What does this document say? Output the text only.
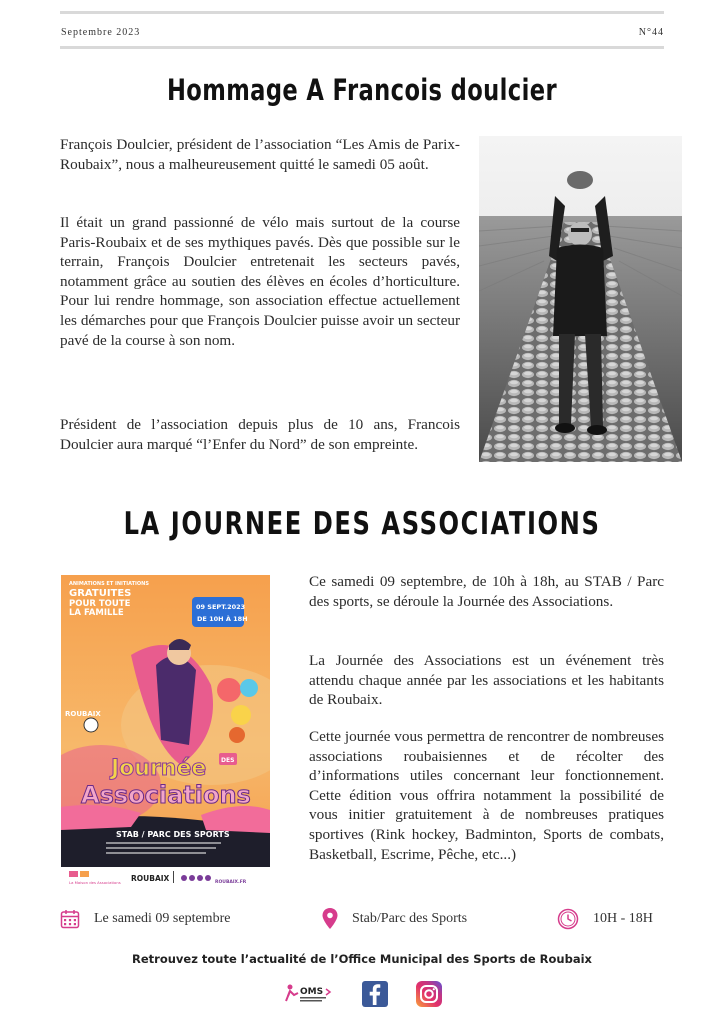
Septembre 2023	N°44
Hommage A Francois doulcier

François Doulcier, président de l’association “Les Amis de Parix-Roubaix”, nous a malheureusement quitté le samedi 05 août.

Il était un grand passionné de vélo mais surtout de la course Paris-Roubaix et de ses mythiques pavés. Dès que possible sur le terrain, François Doulcier entretenait les secteurs pavés, notamment grâce au soutien des élèves en écoles d’horticulture. Pour lui rendre hommage, son association effectue actuellement les démarches pour que François Doulcier puisse avoir un secteur pavé de la course à son nom.

Président de l’association depuis plus de 10 ans, Francois Doulcier aura marqué “l’Enfer du Nord” de son empreinte.

LA JOURNEE DES ASSOCIATIONS
ANIMATIONS ET INITIATIONS
GRATUITES
POUR TOUTE
LA FAMILLE
09 SEPT.2023
DE 10H À 18H
ROUBAIX
Journée DES
Associations
STAB / PARC DES SPORTS
La Maison des Associations ROUBAIX	ROUBAIX.FR

Ce samedi 09 septembre, de 10h à 18h, au STAB / Parc des sports, se déroule la Journée des Associations.

La Journée des Associations est un événement très attendu chaque année par les associations et les habitants de Roubaix.

Cette journée vous permettra de rencontrer de nombreuses associations roubaisiennes et de récolter des d’informations utiles concernant leur fonctionnement. Cette édition vous offrira notamment la possibilité de vous initier gratuitement à de nombreuses pratiques sportives (Rink hockey, Badminton, Sports de combats, Basketball, Escrime, Pêche, etc...)

Le samedi 09 septembre	Stab/Parc des Sports	10H - 18H
Retrouvez toute l’actualité de l’Office Municipal des Sports de Roubaix
OMS
